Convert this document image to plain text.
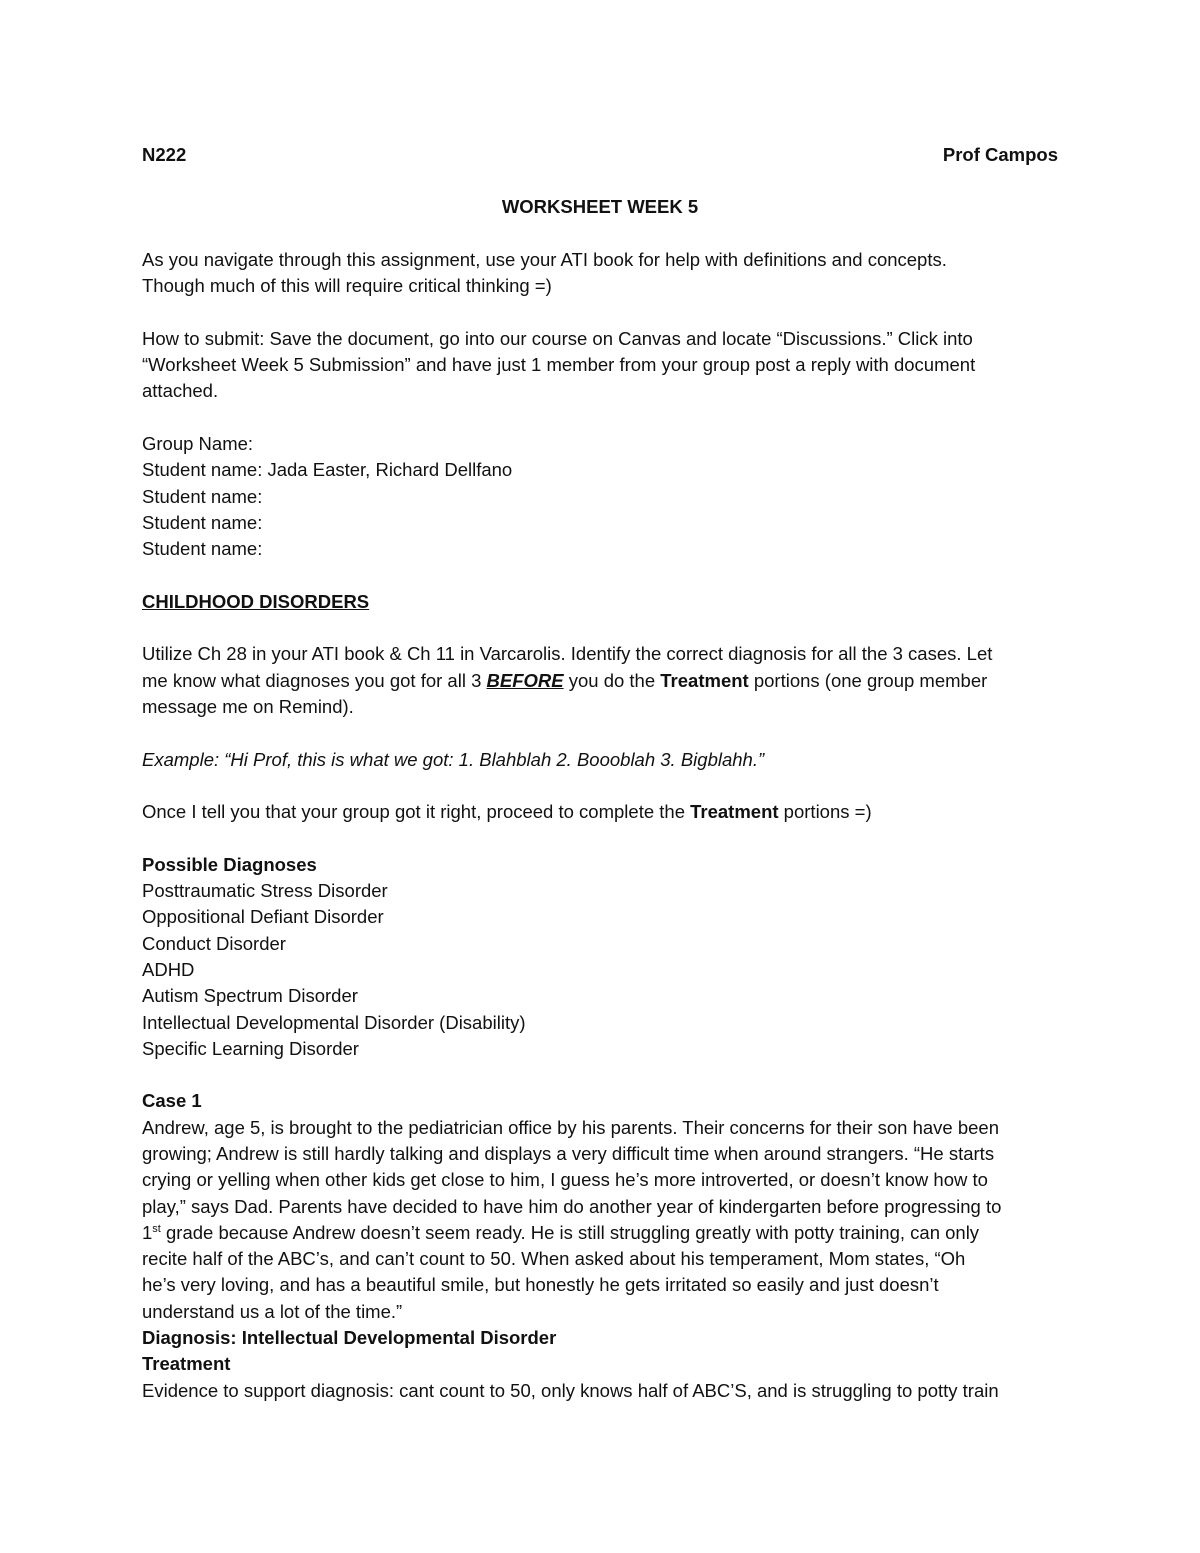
N222	Prof Campos

WORKSHEET WEEK 5

As you navigate through this assignment, use your ATI book for help with definitions and concepts.
Though much of this will require critical thinking =)
How to submit: Save the document, go into our course on Canvas and locate “Discussions.” Click into
“Worksheet Week 5 Submission” and have just 1 member from your group post a reply with document
attached.
Group Name:
Student name: Jada Easter, Richard Dellfano
Student name:
Student name:
Student name:

CHILDHOOD DISORDERS

Utilize Ch 28 in your ATI book & Ch 11 in Varcarolis. Identify the correct diagnosis for all the 3 cases. Let
me know what diagnoses you got for all 3 BEFORE you do the Treatment portions (one group member
message me on Remind).

Example: “Hi Prof, this is what we got: 1. Blahblah 2. Boooblah 3. Bigblahh.”

Once I tell you that your group got it right, proceed to complete the Treatment portions =)

Possible Diagnoses
Posttraumatic Stress Disorder
Oppositional Defiant Disorder
Conduct Disorder
ADHD
Autism Spectrum Disorder
Intellectual Developmental Disorder (Disability)
Specific Learning Disorder
Case 1
Andrew, age 5, is brought to the pediatrician office by his parents. Their concerns for their son have been
growing; Andrew is still hardly talking and displays a very difficult time when around strangers. “He starts
crying or yelling when other kids get close to him, I guess he’s more introverted, or doesn’t know how to
play,” says Dad. Parents have decided to have him do another year of kindergarten before progressing to
1st grade because Andrew doesn’t seem ready. He is still struggling greatly with potty training, can only
recite half of the ABC’s, and can’t count to 50. When asked about his temperament, Mom states, “Oh
he’s very loving, and has a beautiful smile, but honestly he gets irritated so easily and just doesn’t
understand us a lot of the time.”
Diagnosis: Intellectual Developmental Disorder
Treatment
Evidence to support diagnosis: cant count to 50, only knows half of ABC’S, and is struggling to potty train
